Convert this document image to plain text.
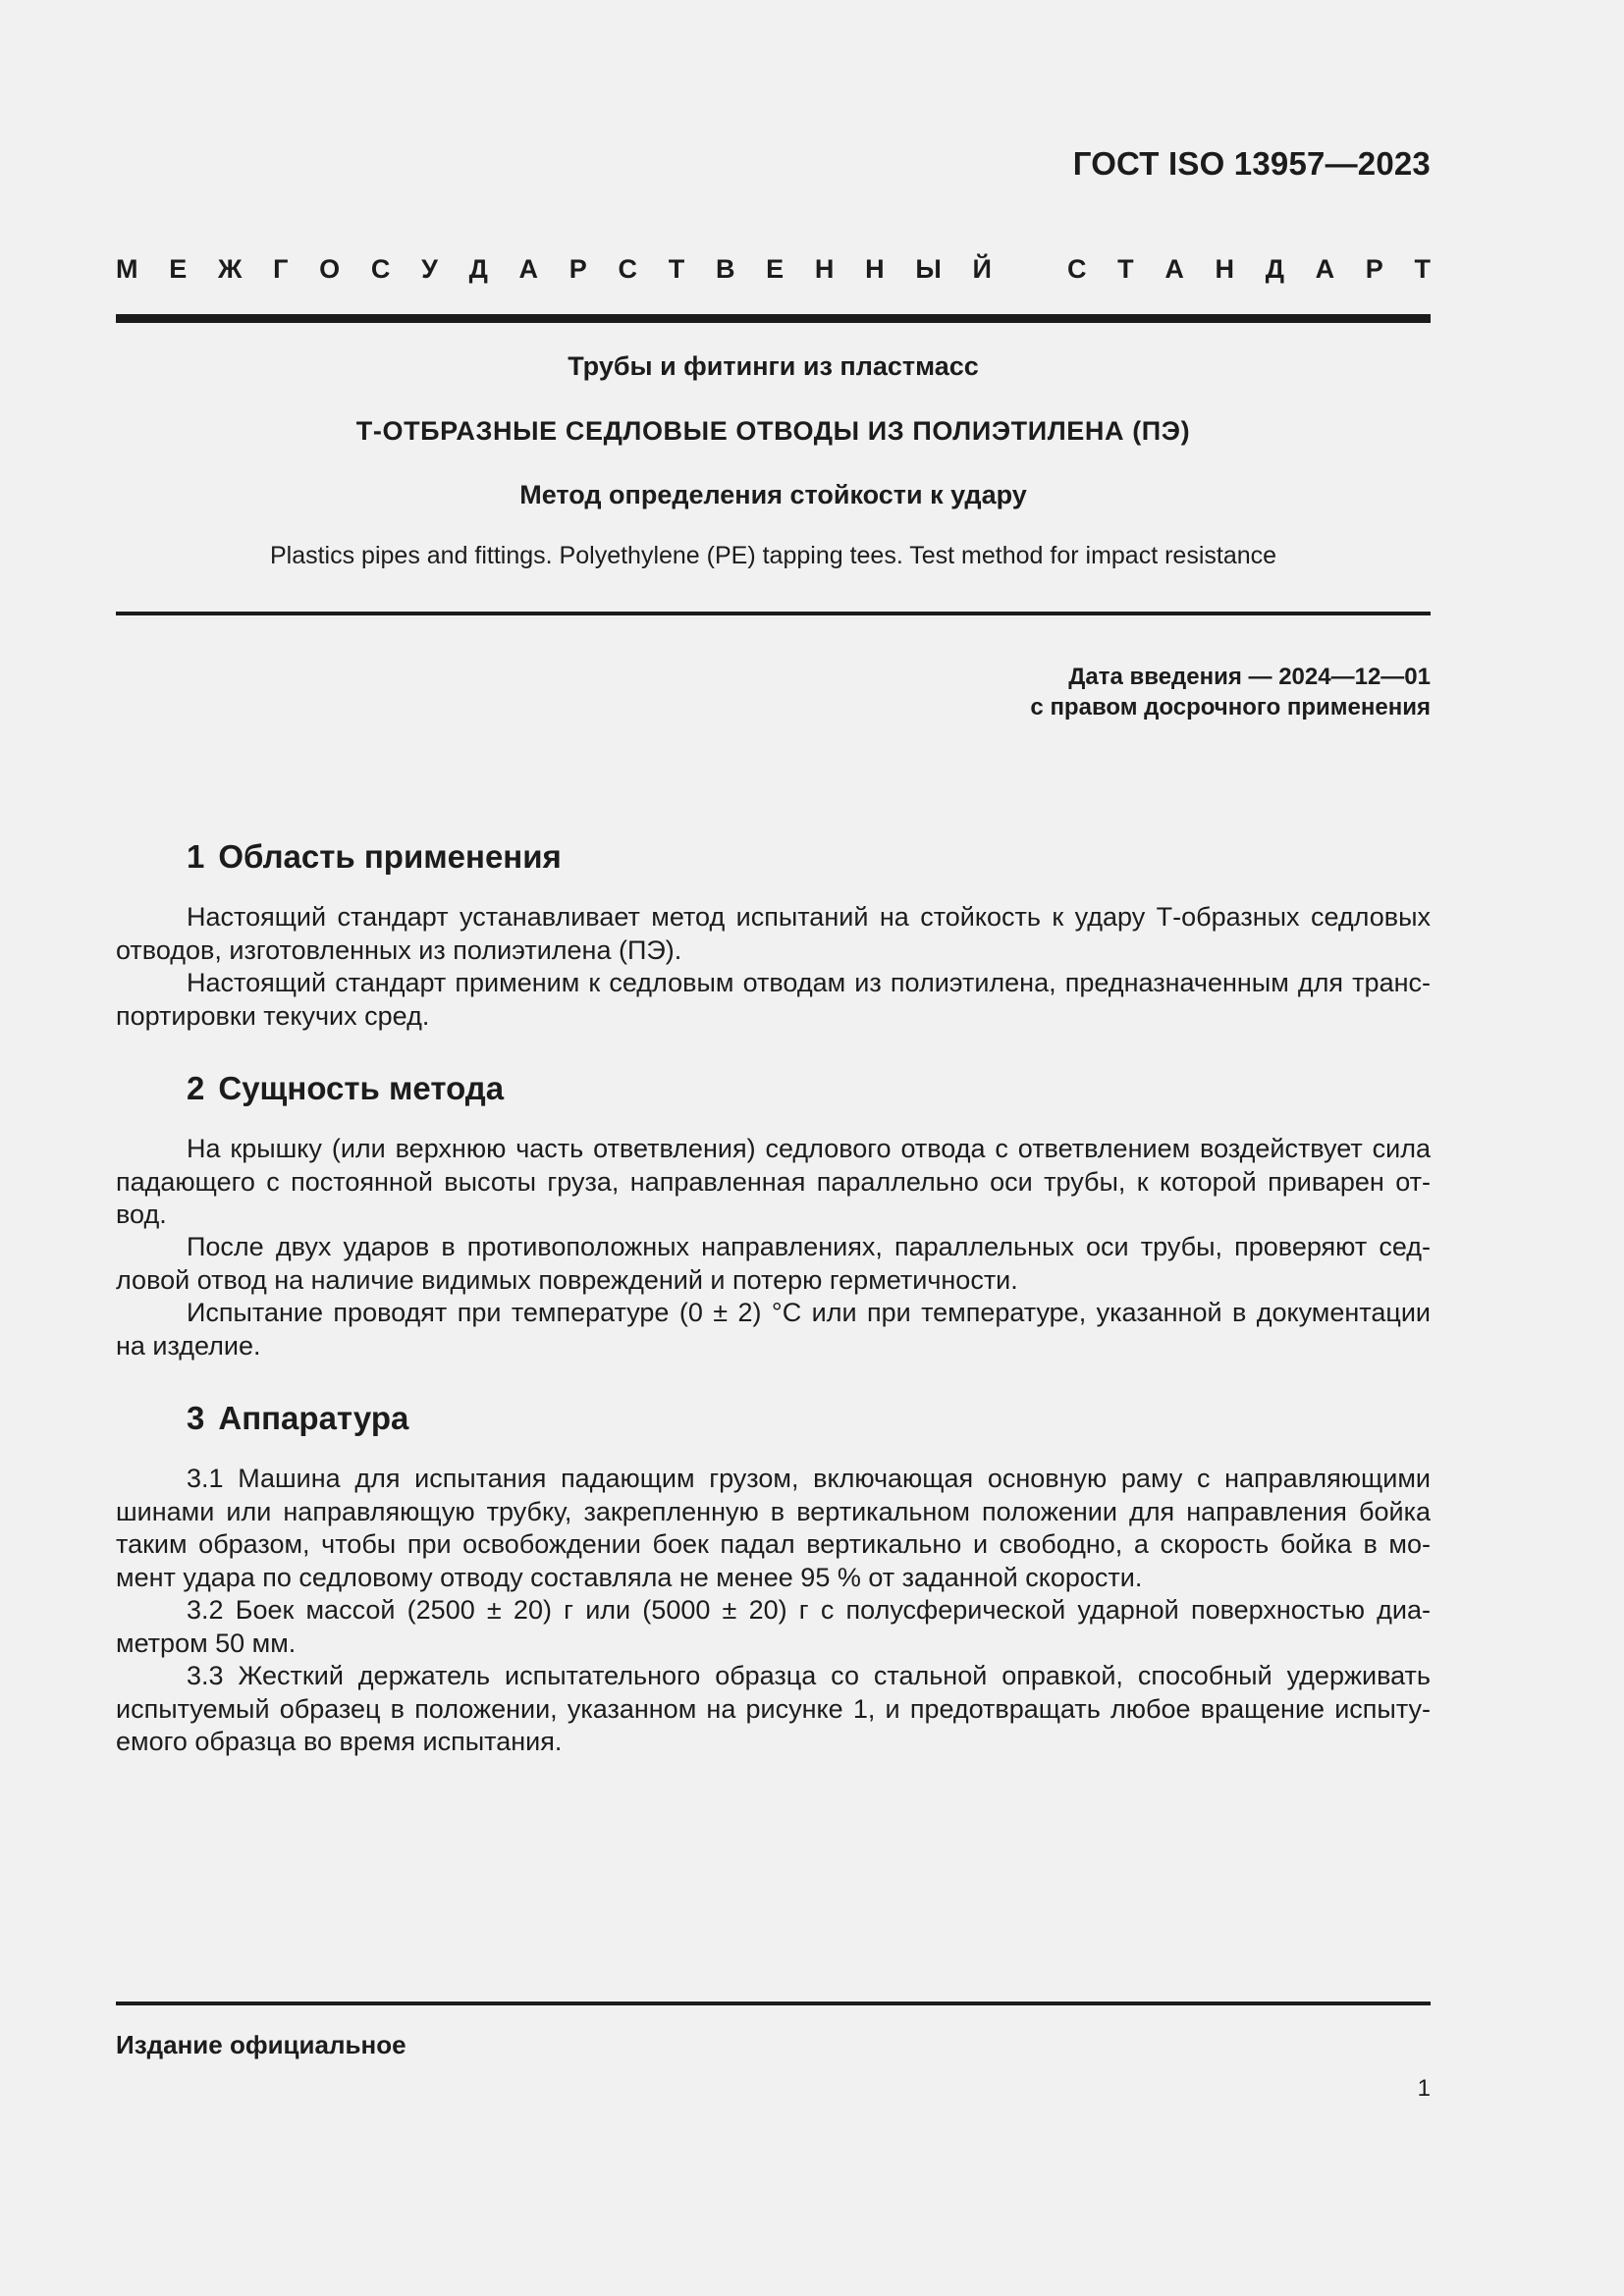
ГОСТ ISO 13957—2023
М Е Ж Г О С У Д А Р С Т В Е Н Н Ы Й	С Т А Н Д А Р Т
Трубы и фитинги из пластмасс
Т-ОТБРАЗНЫЕ СЕДЛОВЫЕ ОТВОДЫ ИЗ ПОЛИЭТИЛЕНА (ПЭ)
Метод определения стойкости к удару
Plastics pipes and fittings. Polyethylene (PE) tapping tees. Test method for impact resistance
Дата введения — 2024—12—01
с правом досрочного применения
1 Область применения
Настоящий стандарт устанавливает метод испытаний на стойкость к удару Т-образных седловых
отводов, изготовленных из полиэтилена (ПЭ).
Настоящий стандарт применим к седловым отводам из полиэтилена, предназначенным для транс-
портировки текучих сред.
2 Сущность метода
На крышку (или верхнюю часть ответвления) седлового отвода с ответвлением воздействует сила
падающего с постоянной высоты груза, направленная параллельно оси трубы, к которой приварен от-
вод.
После двух ударов в противоположных направлениях, параллельных оси трубы, проверяют сед-
ловой отвод на наличие видимых повреждений и потерю герметичности.
Испытание проводят при температуре (0 ± 2) °С или при температуре, указанной в документации
на изделие.
3 Аппаратура
3.1 Машина для испытания падающим грузом, включающая основную раму с направляющими
шинами или направляющую трубку, закрепленную в вертикальном положении для направления бойка
таким образом, чтобы при освобождении боек падал вертикально и свободно, а скорость бойка в мо-
мент удара по седловому отводу составляла не менее 95 % от заданной скорости.
3.2 Боек массой (2500 ± 20) г или (5000 ± 20) г с полусферической ударной поверхностью диа-
метром 50 мм.
3.3 Жесткий держатель испытательного образца со стальной оправкой, способный удерживать
испытуемый образец в положении, указанном на рисунке 1, и предотвращать любое вращение испыту-
емого образца во время испытания.
Издание официальное
1
